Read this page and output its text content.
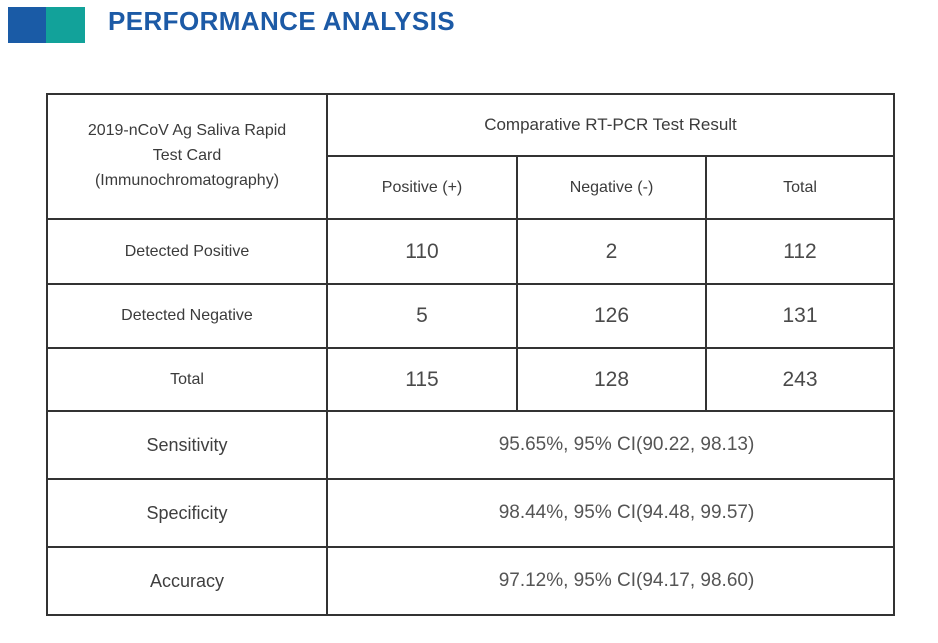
PERFORMANCE ANALYSIS
2019-nCoV Ag Saliva Rapid Test Card (Immunochromatography)	Comparative RT-PCR Test Result		
	Positive (+)	Negative (-)	Total
Detected Positive	110	2	112
Detected Negative	5	126	131
Total	115	128	243
Sensitivity	95.65%, 95% CI(90.22, 98.13)		
Specificity	98.44%, 95% CI(94.48, 99.57)		
Accuracy	97.12%, 95% CI(94.17, 98.60)		
